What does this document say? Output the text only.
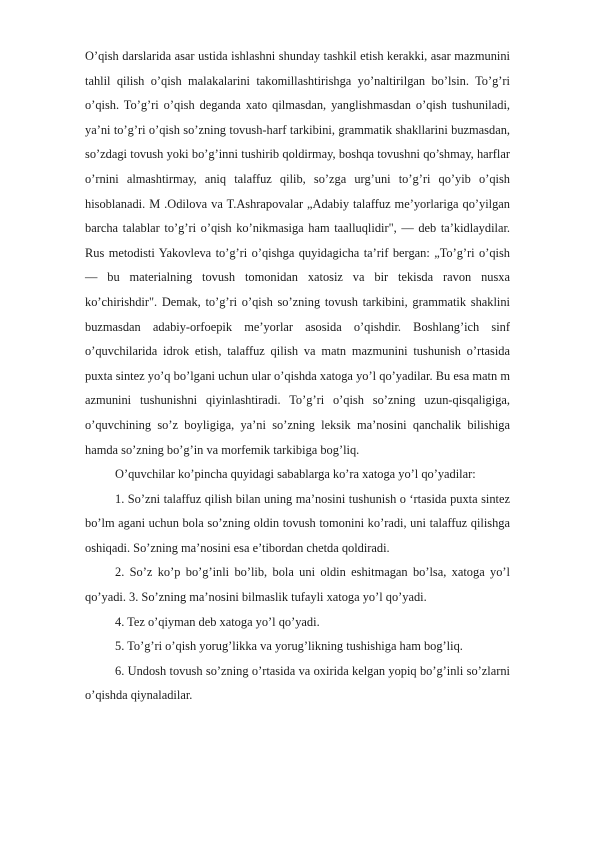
O’qish darslarida asar ustida ishlashni shunday tashkil etish kerakki, asar mazmunini tahlil qilish o’qish malakalarini takomillashtirishga yo’naltirilgan bo’lsin. To’g’ri o’qish. To’g’ri o’qish deganda xato qilmasdan, yanglishmasdan o’qish tushuniladi, ya’ni to’g’ri o’qish so’zning tovush-harf tarkibini, grammatik shakllarini buzmasdan, so’zdagi tovush yoki bo’g’inni tushirib qoldirmay, boshqa tovushni qo’shmay, harflar o’rnini almashtirmay, aniq talaffuz qilib, so’zga urg’uni to’g’ri qo’yib o’qish hisoblanadi. M .Odilova va T.Ashrapovalar „Adabiy talaffuz me’yorlariga qo’yilgan barcha talablar to’g’ri o’qish ko’nikmasiga ham taalluqlidir", — deb ta’kidlaydilar. Rus metodisti Yakovleva to’g’ri o’qishga quyidagicha ta’rif bergan: „To’g’ri o’qish — bu materialning tovush tomonidan xatosiz va bir tekisda ravon nusxa ko’chirishdir". Demak, to’g’ri o’qish so’zning tovush tarkibini, grammatik shaklini buzmasdan adabiy-orfoepik me’yorlar asosida o’qishdir. Boshlang’ich sinf o’quvchilarida idrok etish, talaffuz qilish va matn mazmunini tushunish o’rtasida puxta sintez yo’q bo’lgani uchun ular o’qishda xatoga yo’l qo’yadilar. Bu esa matn m azmunini tushunishni qiyinlashtiradi. To’g’ri o’qish so’zning uzun-qisqaligiga, o’quvchining so’z boyligiga, ya’ni so’zning leksik ma’nosini qanchalik bilishiga hamda so’zning bo’g’in va morfemik tarkibiga bog’liq.

O’quvchilar ko’pincha quyidagi sabablarga ko’ra xatoga yo’l qo’yadilar:

1. So’zni talaffuz qilish bilan uning ma’nosini tushunish o ‘rtasida puxta sintez bo’lm agani uchun bola so’zning oldin tovush tomonini ko’radi, uni talaffuz qilishga oshiqadi. So’zning ma’nosini esa e’tibordan chetda qoldiradi.

2. So’z ko’p bo’g’inli bo’lib, bola uni oldin eshitmagan bo’lsa, xatoga yo’l qo’yadi. 3. So’zning ma’nosini bilmaslik tufayli xatoga yo’l qo’yadi.

4. Tez o’qiyman deb xatoga yo’l qo’yadi.

5. To’g’ri o’qish yorug’likka va yorug’likning tushishiga ham bog’liq.

6. Undosh tovush so’zning o’rtasida va oxirida kelgan yopiq bo’g’inli so’zlarni o’qishda qiynaladilar.
